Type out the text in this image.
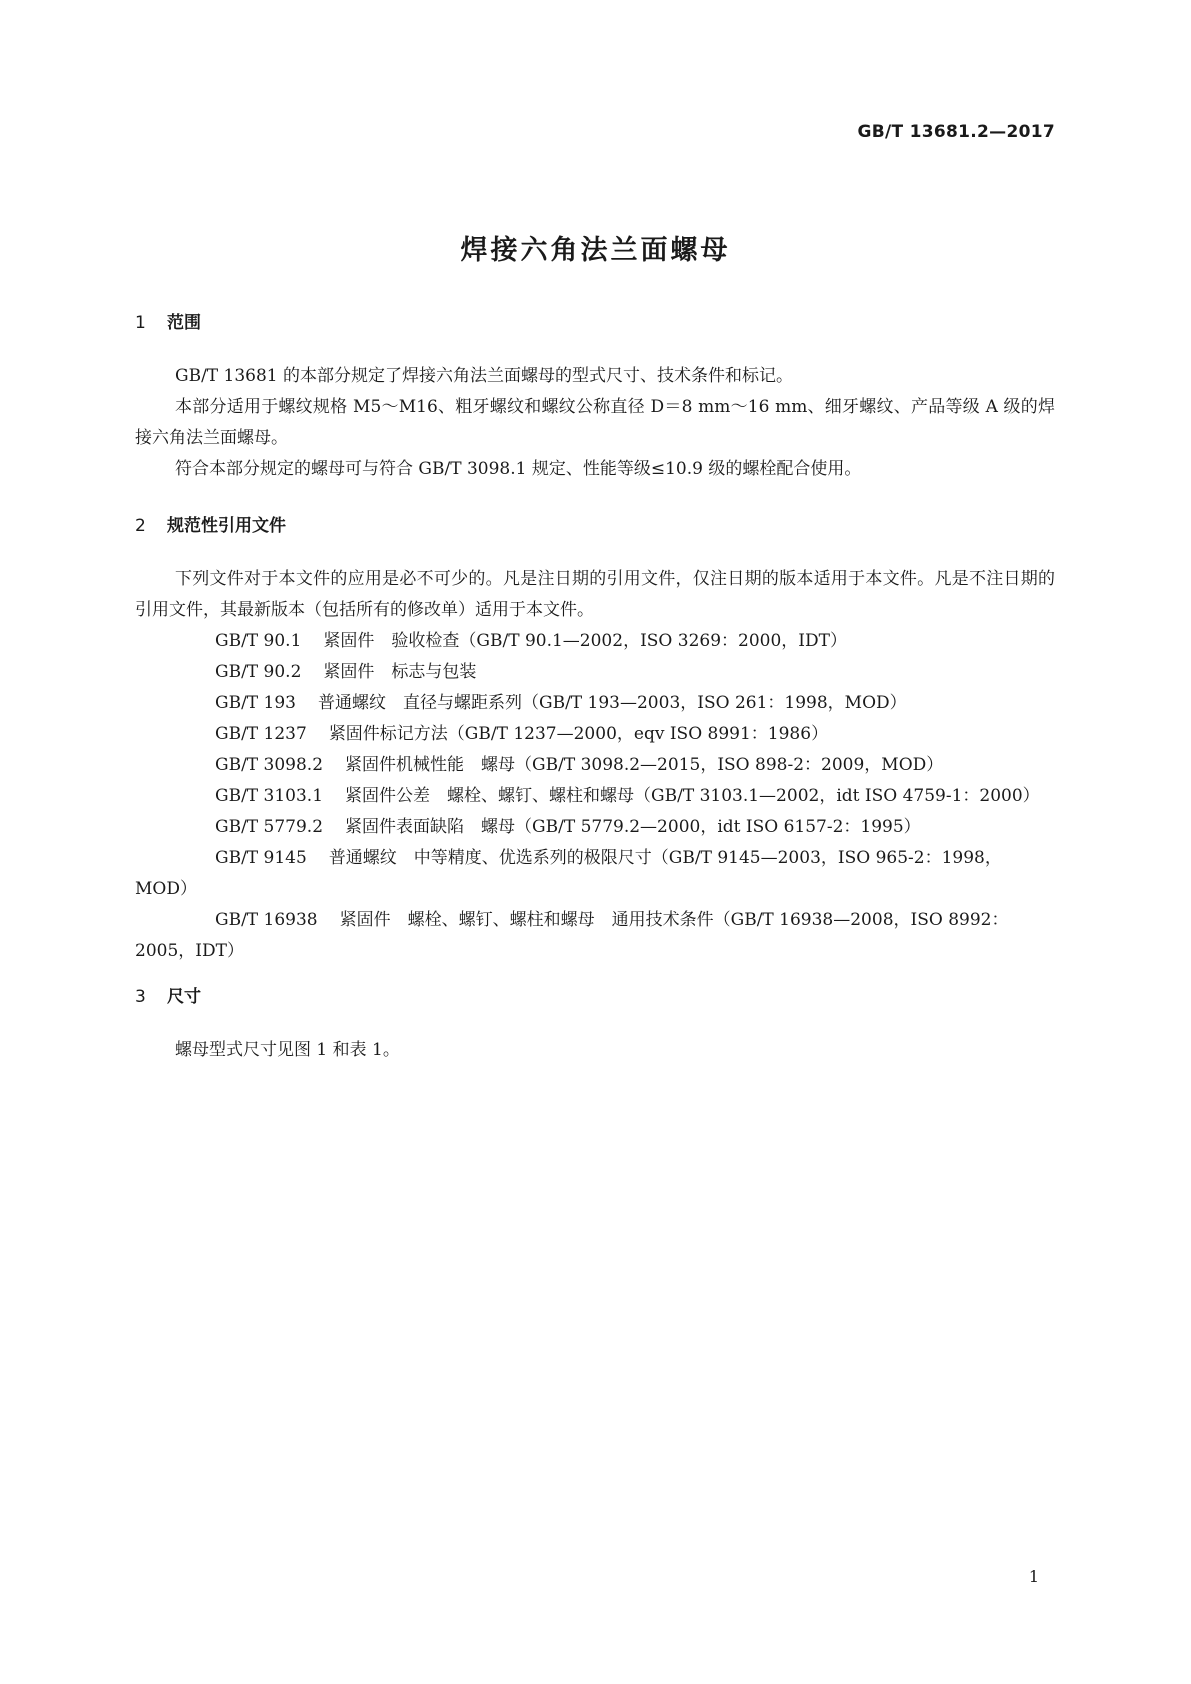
GB/T 13681.2—2017
焊接六角法兰面螺母
1 范围

GB/T 13681 的本部分规定了焊接六角法兰面螺母的型式尺寸、技术条件和标记。

本部分适用于螺纹规格 M5～M16、粗牙螺纹和螺纹公称直径 D＝8 mm～16 mm、细牙螺纹、产品等级 A 级的焊接六角法兰面螺母。

符合本部分规定的螺母可与符合 GB/T 3098.1 规定、性能等级≤10.9 级的螺栓配合使用。

2 规范性引用文件

下列文件对于本文件的应用是必不可少的。凡是注日期的引用文件，仅注日期的版本适用于本文件。凡是不注日期的引用文件，其最新版本（包括所有的修改单）适用于本文件。

GB/T 90.1 紧固件　验收检查（GB/T 90.1—2002，ISO 3269：2000，IDT）
GB/T 90.2 紧固件　标志与包装
GB/T 193 普通螺纹　直径与螺距系列（GB/T 193—2003，ISO 261：1998，MOD）
GB/T 1237 紧固件标记方法（GB/T 1237—2000，eqv ISO 8991：1986）
GB/T 3098.2 紧固件机械性能　螺母（GB/T 3098.2—2015，ISO 898-2：2009，MOD）
GB/T 3103.1 紧固件公差　螺栓、螺钉、螺柱和螺母（GB/T 3103.1—2002，idt ISO 4759-1：2000）
GB/T 5779.2 紧固件表面缺陷　螺母（GB/T 5779.2—2000，idt ISO 6157-2：1995）
GB/T 9145 普通螺纹　中等精度、优选系列的极限尺寸（GB/T 9145—2003，ISO 965-2：1998，MOD）
GB/T 16938 紧固件　螺栓、螺钉、螺柱和螺母　通用技术条件（GB/T 16938—2008，ISO 8992：2005，IDT）
3 尺寸

螺母型式尺寸见图 1 和表 1。

1
